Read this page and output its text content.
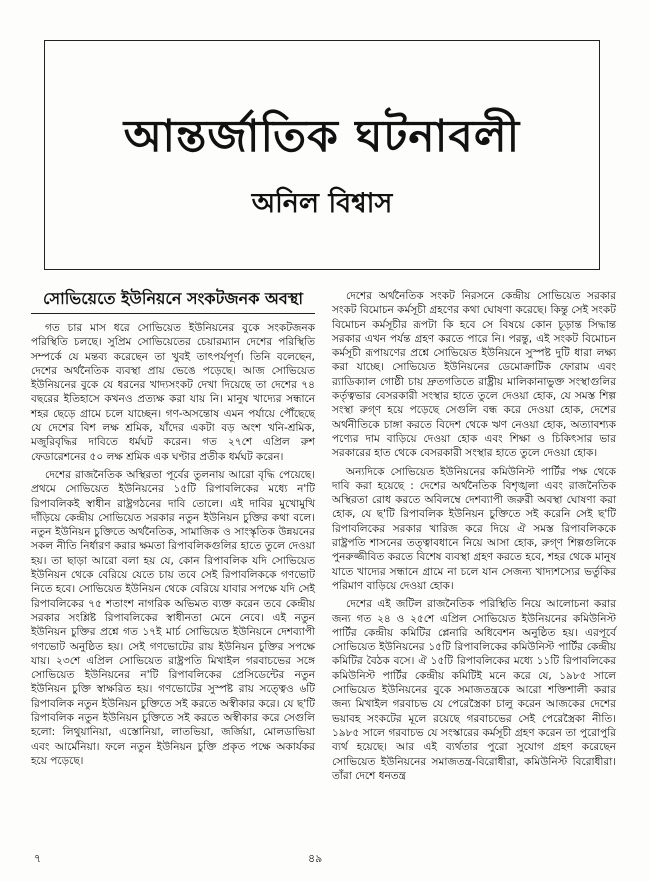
আন্তর্জাতিক ঘটনাবলী
অনিল বিশ্বাস
সোভিয়েতে ইউনিয়নে সংকটজনক অবস্থা

গত চার মাস ধরে সোভিয়েত ইউনিয়নের বুকে সংকটজনক পরিস্থিতি চলছে। সুপ্রিম সোভিয়েতের চেয়ারম্যান দেশের পরিস্থিতি সম্পর্কে যে মন্তব্য করেছেন তা খুবই তাৎপর্যপূর্ণ। তিনি বলেছেন, দেশের অর্থনৈতিক ব্যবস্থা প্রায় ভেঙে পড়েছে। আজ সোভিয়েত ইউনিয়নের বুকে যে ধরনের খাদ্যসংকট দেখা দিয়েছে তা দেশের ৭৪ বছরের ইতিহাসে কখনও প্রত্যক্ষ করা যায় নি। মানুষ খাদ্যের সন্ধানে শহর ছেড়ে গ্রামে চলে যাচ্ছেন। গণ-অসন্তোষ এমন পর্যায়ে পৌঁছেছে যে দেশের বিশ লক্ষ শ্রমিক, যাঁদের একটা বড় অংশ খনি-শ্রমিক, মজুরিবৃদ্ধির দাবিতে ধর্মঘট করেন। গত ২৭শে এপ্রিল রুশ ফেডারেশনের ৫০ লক্ষ শ্রমিক এক ঘণ্টার প্রতীক ধর্মঘট করেন।

দেশের রাজনৈতিক অস্থিরতা পূর্বের তুলনায় আরো বৃদ্ধি পেয়েছে। প্রথমে সোভিয়েত ইউনিয়নের ১৫টি রিপাবলিকের মধ্যে ন'টি রিপাবলিকই স্বাধীন রাষ্ট্রগঠনের দাবি তোলে। এই দাবির মুখোমুখি দাঁড়িয়ে কেন্দ্রীয় সোভিয়েত সরকার নতুন ইউনিয়ন চুক্তির কথা বলে। নতুন ইউনিয়ন চুক্তিতে অর্থনৈতিক, সামাজিক ও সাংস্কৃতিক উন্নয়নের সকল নীতি নির্ধারণ করার ক্ষমতা রিপাবলিকগুলির হাতে তুলে দেওয়া হয়। তা ছাড়া আরো বলা হয় যে, কোন রিপাবলিক যদি সোভিয়েত ইউনিয়ন থেকে বেরিয়ে যেতে চায় তবে সেই রিপাবলিককে গণভোট নিতে হবে। সোভিয়েত ইউনিয়ন থেকে বেরিয়ে যাবার সপক্ষে যদি সেই রিপাবলিকের ৭৫ শতাংশ নাগরিক অভিমত ব্যক্ত করেন তবে কেন্দ্রীয় সরকার সংশ্লিষ্ট রিপাবলিকের স্বাধীনতা মেনে নেবে। এই নতুন ইউনিয়ন চুক্তির প্রশ্নে গত ১৭ই মার্চ সোভিয়েত ইউনিয়নে দেশব্যাপী গণভোট অনুষ্ঠিত হয়। সেই গণভোটের রায় ইউনিয়ন চুক্তির সপক্ষে যায়। ২৩শে এপ্রিল সোভিয়েত রাষ্ট্রপতি মিখাইল গরবাচভের সঙ্গে সোভিয়েত ইউনিয়নের ন'টি রিপাবলিকের প্রেসিডেন্টের নতুন ইউনিয়ন চুক্তি স্বাক্ষরিত হয়। গণভোটের সুস্পষ্ট রায় সত্ত্বেও ৬টি রিপাবলিক নতুন ইউনিয়ন চুক্তিতে সই করতে অস্বীকার করে। যে ছ'টি রিপাবলিক নতুন ইউনিয়ন চুক্তিতে সই করতে অস্বীকার করে সেগুলি হলো: লিথুয়ানিয়া, এস্তোনিয়া, লাতভিয়া, জর্জিয়া, মোলডাভিয়া এবং আর্মেনিয়া। ফলে নতুন ইউনিয়ন চুক্তি প্রকৃত পক্ষে অকার্যকর হয়ে পড়েছে।

দেশের অর্থনৈতিক সংকট নিরসনে কেন্দ্রীয় সোভিয়েত সরকার সংকট বিমোচন কর্মসূচী গ্রহণের কথা ঘোষণা করেছে। কিন্তু সেই সংকট বিমোচন কর্মসূচীর রূপটা কি হবে সে বিষয়ে কোন চূড়ান্ত সিদ্ধান্ত সরকার এখন পর্যন্ত গ্রহণ করতে পারে নি। পরন্তু, এই সংকট বিমোচন কর্মসূচী রূপায়ণের প্রশ্নে সোভিয়েত ইউনিয়নে সুস্পষ্ট দুটি ধারা লক্ষ্য করা যাচ্ছে। সোভিয়েত ইউনিয়নের ডেমোক্রাটিক ফোরাম এবং র‍্যাডিক্যাল গোষ্ঠী চায় দ্রুতগতিতে রাষ্ট্রীয় মালিকানাভুক্ত সংস্থাগুলির কর্তৃত্বভার বেসরকারী সংস্থার হাতে তুলে দেওয়া হোক, যে সমস্ত শিল্প সংস্থা রুগ্‌ণ হয়ে পড়েছে সেগুলি বন্ধ করে দেওয়া হোক, দেশের অর্থনীতিকে চাঙ্গা করতে বিদেশ থেকে ঋণ নেওয়া হোক, অত্যাবশ্যক পণ্যের দাম বাড়িয়ে দেওয়া হোক এবং শিক্ষা ও চিকিৎসার ভার সরকারের হাত থেকে বেসরকারী সংস্থার হাতে তুলে দেওয়া হোক।

অন্যদিকে সোভিয়েত ইউনিয়নের কমিউনিস্ট পার্টির পক্ষ থেকে দাবি করা হয়েছে : দেশের অর্থনৈতিক বিশৃঙ্খলা এবং রাজনৈতিক অস্থিরতা রোধ করতে অবিলম্বে দেশব্যাপী জরুরী অবস্থা ঘোষণা করা হোক, যে ছ'টি রিপাবলিক ইউনিয়ন চুক্তিতে সই করেনি সেই ছ'টি রিপাবলিকের সরকার খারিজ করে দিয়ে ঐ সমস্ত রিপাবলিককে রাষ্ট্রপতি শাসনের তত্ত্বাবধানে নিয়ে আসা হোক, রুগ্‌ণ শিল্পগুলিকে পুনরুজ্জীবিত করতে বিশেষ ব্যবস্থা গ্রহণ করতে হবে, শহর থেকে মানুষ যাতে খাদ্যের সন্ধানে গ্রামে না চলে যান সেজন্য খাদ্যশস্যের ভর্তুকির পরিমাণ বাড়িয়ে দেওয়া হোক।

দেশের এই জটিল রাজনৈতিক পরিস্থিতি নিয়ে আলোচনা করার জন্য গত ২৪ ও ২৫শে এপ্রিল সোভিয়েত ইউনিয়নের কমিউনিস্ট পার্টির কেন্দ্রীয় কমিটির প্লেনারি অধিবেশন অনুষ্ঠিত হয়। এরপূর্বে সোভিয়েত ইউনিয়নের ১৫টি রিপাবলিকের কমিউনিস্ট পার্টির কেন্দ্রীয় কমিটির বৈঠক বসে। ঐ ১৫টি রিপাবলিকের মধ্যে ১১টি রিপাবলিকের কমিউনিস্ট পার্টির কেন্দ্রীয় কমিটিই মনে করে যে, ১৯৮৫ সালে সোভিয়েত ইউনিয়নের বুকে সমাজতন্ত্রকে আরো শক্তিশালী করার জন্য মিখাইল গরবাচভ যে পেরেস্ত্রৈকা চালু করেন আজকের দেশের ভয়াবহ সংকটের মূলে রয়েছে গরবাচভের সেই পেরেস্ত্রৈকা নীতি। ১৯৮৫ সালে গরবাচভ যে সংস্কারের কর্মসূচী গ্রহণ করেন তা পুরোপুরি ব্যর্থ হয়েছে। আর এই ব্যর্থতার পুরো সুযোগ গ্রহণ করেছেন সোভিয়েত ইউনিয়নের সমাজতন্ত্র-বিরোধীরা, কমিউনিস্ট বিরোধীরা। তাঁরা দেশে ধনতন্ত্র

৭	৪৯
